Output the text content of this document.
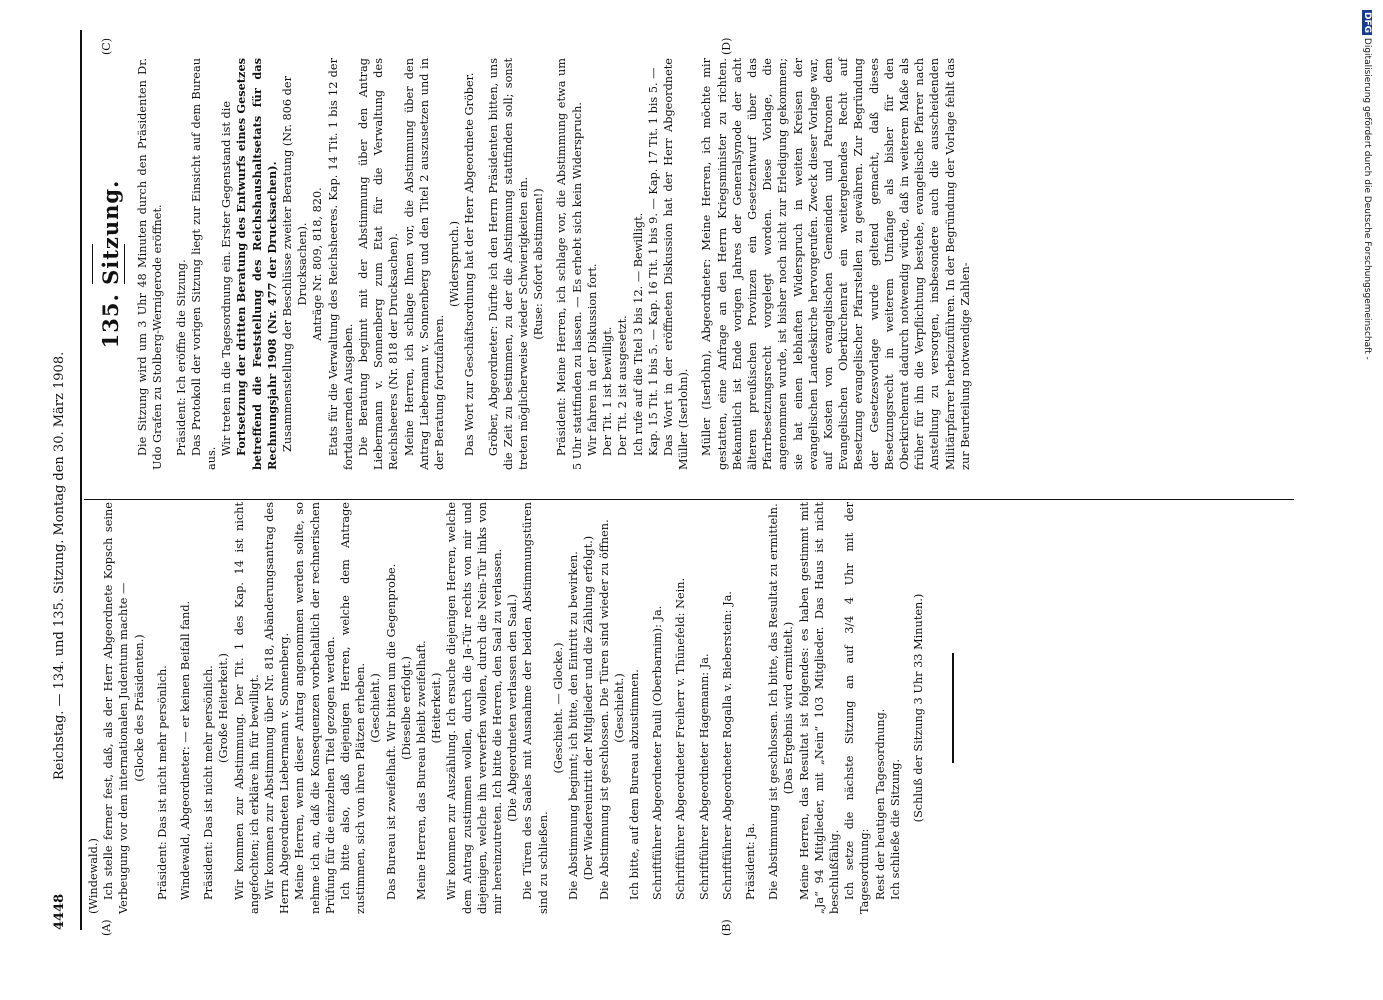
4448
Reichstag. — 134. und 135. Sitzung. Montag den 30. März 1908.
(A)	(B)
(C)	(D)

(Windewald.) Ich stelle ferner fest, daß, als der Herr Abgeordnete Kopsch seine Verbeugung vor dem internationalen Judentum machte — (Glocke des Präsidenten.) Präsident: Das ist nicht mehr persönlich. Windewald, Abgeordneter: — er keinen Beifall fand. Präsident: Das ist nicht mehr persönlich. (Große Heiterkeit.) Wir kommen zur Abstimmung. Der Tit. 1 des Kap. 14 ist nicht angefochten; ich erkläre ihn für bewilligt. Wir kommen zur Abstimmung über Nr. 818, Abänderungsantrag des Herrn Abgeordneten Liebermann v. Sonnenberg. Meine Herren, wenn dieser Antrag angenommen werden sollte, so nehme ich an, daß die Konsequenzen vorbehaltlich der rechnerischen Prüfung für die einzelnen Titel gezogen werden. Ich bitte also, daß diejenigen Herren, welche dem Antrage zustimmen, sich von ihren Plätzen erheben. (Geschieht.) Das Bureau ist zweifelhaft. Wir bitten um die Gegenprobe. (Dieselbe erfolgt.) Meine Herren, das Bureau bleibt zweifelhaft. (Heiterkeit.) Wir kommen zur Auszählung. Ich ersuche diejenigen Herren, welche dem Antrag zustimmen wollen, durch die Ja-Tür rechts von mir und diejenigen, welche ihn verwerfen wollen, durch die Nein-Tür links von mir hereinzutreten. Ich bitte die Herren, den Saal zu verlassen. (Die Abgeordneten verlassen den Saal.) Die Türen des Saales mit Ausnahme der beiden Abstimmungstüren sind zu schließen.

(Geschieht. — Glocke.) Die Abstimmung beginnt; ich bitte, den Eintritt zu bewirken. (Der Wiedereintritt der Mitglieder und die Zählung erfolgt.) Die Abstimmung ist geschlossen. Die Türen sind wieder zu öffnen. (Geschieht.) Ich bitte, auf dem Bureau abzustimmen. Schriftführer Abgeordneter Pauli (Oberbarnim): Ja. Schriftführer Abgeordneter Freiherr v. Thünefeld: Nein. Schriftführer Abgeordneter Hagemann: Ja. Schriftführer Abgeordneter Rogalla v. Bieberstein: Ja. Präsident: Ja. Die Abstimmung ist geschlossen. Ich bitte, das Resultat zu ermitteln. (Das Ergebnis wird ermittelt.) Meine Herren, das Resultat ist folgendes: es haben gestimmt mit „Ja“ 94 Mitglieder, mit „Nein“ 103 Mitglieder. Das Haus ist nicht beschlußfähig. Ich setze die nächste Sitzung an auf 3/4 4 Uhr mit der Tagesordnung: Rest der heutigen Tagesordnung. Ich schließe die Sitzung.

(Schluß der Sitzung 3 Uhr 33 Minuten.)

135. Sitzung. Die Sitzung wird um 3 Uhr 48 Minuten durch den Präsidenten Dr. Udo Grafen zu Stolberg-Wernigerode eröffnet. Präsident: Ich eröffne die Sitzung. Das Protokoll der vorigen Sitzung liegt zur Einsicht auf dem Bureau aus.

Wir treten in die Tagesordnung ein. Erster Gegenstand ist die Fortsetzung der dritten Beratung des Entwurfs eines Gesetzes betreffend die Feststellung des Reichshaushaltsetats für das Rechnungsjahr 1908 (Nr. 477 der Drucksachen). Zusammenstellung der Beschlüsse zweiter Beratung (Nr. 806 der Drucksachen). Anträge Nr. 809, 818, 820. Etats für die Verwaltung des Reichsheeres. Kap. 14 Tit. 1 bis 12 der fortdauernden Ausgaben. Die Beratung beginnt mit der Abstimmung über den Antrag Liebermann v. Sonnenberg zum Etat für die Verwaltung des Reichsheeres (Nr. 818 der Drucksachen). Meine Herren, ich schlage Ihnen vor, die Abstimmung über den Antrag Liebermann v. Sonnenberg und den Titel 2 auszusetzen und in der Beratung fortzufahren.

(Widerspruch.) Das Wort zur Geschäftsordnung hat der Herr Abgeordnete Gröber. Gröber, Abgeordneter: Dürfte ich den Herrn Präsidenten bitten, uns die Zeit zu bestimmen, zu der die Abstimmung stattfinden soll; sonst treten möglicherweise wieder Schwierigkeiten ein. (Ruse: Sofort abstimmen!) Präsident: Meine Herren, ich schlage vor, die Abstimmung etwa um 5 Uhr stattfinden zu lassen. — Es erhebt sich kein Widerspruch. Wir fahren in der Diskussion fort. Der Tit. 1 ist bewilligt. Der Tit. 2 ist ausgesetzt. Ich rufe auf die Titel 3 bis 12. — Bewilligt. Kap. 15 Tit. 1 bis 5. — Kap. 16 Tit. 1 bis 9. — Kap. 17 Tit. 1 bis 5. — Das Wort in der eröffneten Diskussion hat der Herr Abgeordnete Müller (Iserlohn). Müller (Iserlohn), Abgeordneter: Meine Herren, ich möchte mir gestatten, eine Anfrage an den Herrn Kriegsminister zu richten. Bekanntlich ist Ende vorigen Jahres der Generalsynode der acht älteren preußischen Provinzen ein Gesetzentwurf über das Pfarrbesetzungsrecht vorgelegt worden. Diese Vorlage, die angenommen wurde, ist bisher noch nicht zur Erledigung gekommen; sie hat einen lebhaften Widerspruch in weiten Kreisen der evangelischen Landeskirche hervorgerufen. Zweck dieser Vorlage war, auf Kosten von evangelischen Gemeinden und Patronen dem Evangelischen Oberkirchenrat ein weitergehendes Recht auf Besetzung evangelischer Pfarrstellen zu gewähren. Zur Begründung der Gesetzesvorlage wurde geltend gemacht, daß dieses Besetzungsrecht in weiterem Umfange als bisher für den Oberkirchenrat dadurch notwendig würde, daß in weiterem Maße als früher für ihn die Verpflichtung bestehe, evangelische Pfarrer nach Anstellung zu versorgen, insbesondere auch die ausscheidenden Militärpfarrer herbeizuführen. In der Begründung der Vorlage fehlt das zur Beurteilung notwendige Zahlen-

DFG Digitalisierung gefördert durch die Deutsche Forschungsgemeinschaft -
